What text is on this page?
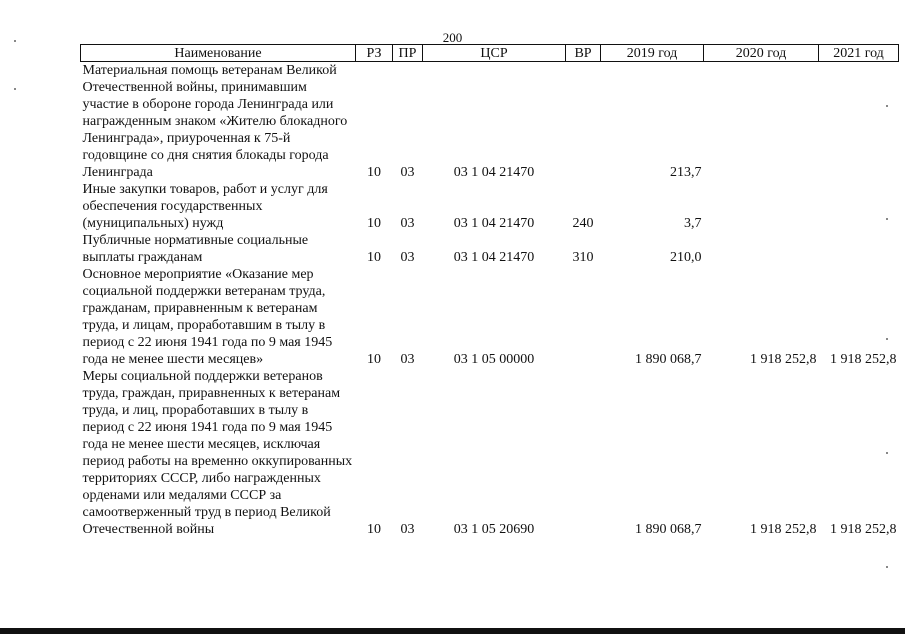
200
Наименование	РЗ	ПР	ЦСР	ВР	2019 год	2020 год	2021 год
Материальная помощь ветеранам Великой Отечественной войны, принимавшим участие в обороне города Ленинграда или награжденным знаком «Жителю блокадного Ленинграда», приуроченная к 75-й годовщине со дня снятия блокады города Ленинграда	10	03	03 1 04 21470		213,7		
Иные закупки товаров, работ и услуг для обеспечения государственных (муниципальных) нужд	10	03	03 1 04 21470	240	3,7		
Публичные нормативные социальные выплаты гражданам	10	03	03 1 04 21470	310	210,0		
Основное мероприятие «Оказание мер социальной поддержки ветеранам труда, гражданам, приравненным к ветеранам труда, и лицам, проработавшим в тылу в период с 22 июня 1941 года по 9 мая 1945 года не менее шести месяцев»	10	03	03 1 05 00000		1 890 068,7	1 918 252,8	1 918 252,8
Меры социальной поддержки ветеранов труда, граждан, приравненных к ветеранам труда, и лиц, проработавших в тылу в период с 22 июня 1941 года по 9 мая 1945 года не менее шести месяцев, исключая период работы на временно оккупированных территориях СССР, либо награжденных орденами или медалями СССР за самоотверженный труд в период Великой Отечественной войны	10	03	03 1 05 20690		1 890 068,7	1 918 252,8	1 918 252,8
